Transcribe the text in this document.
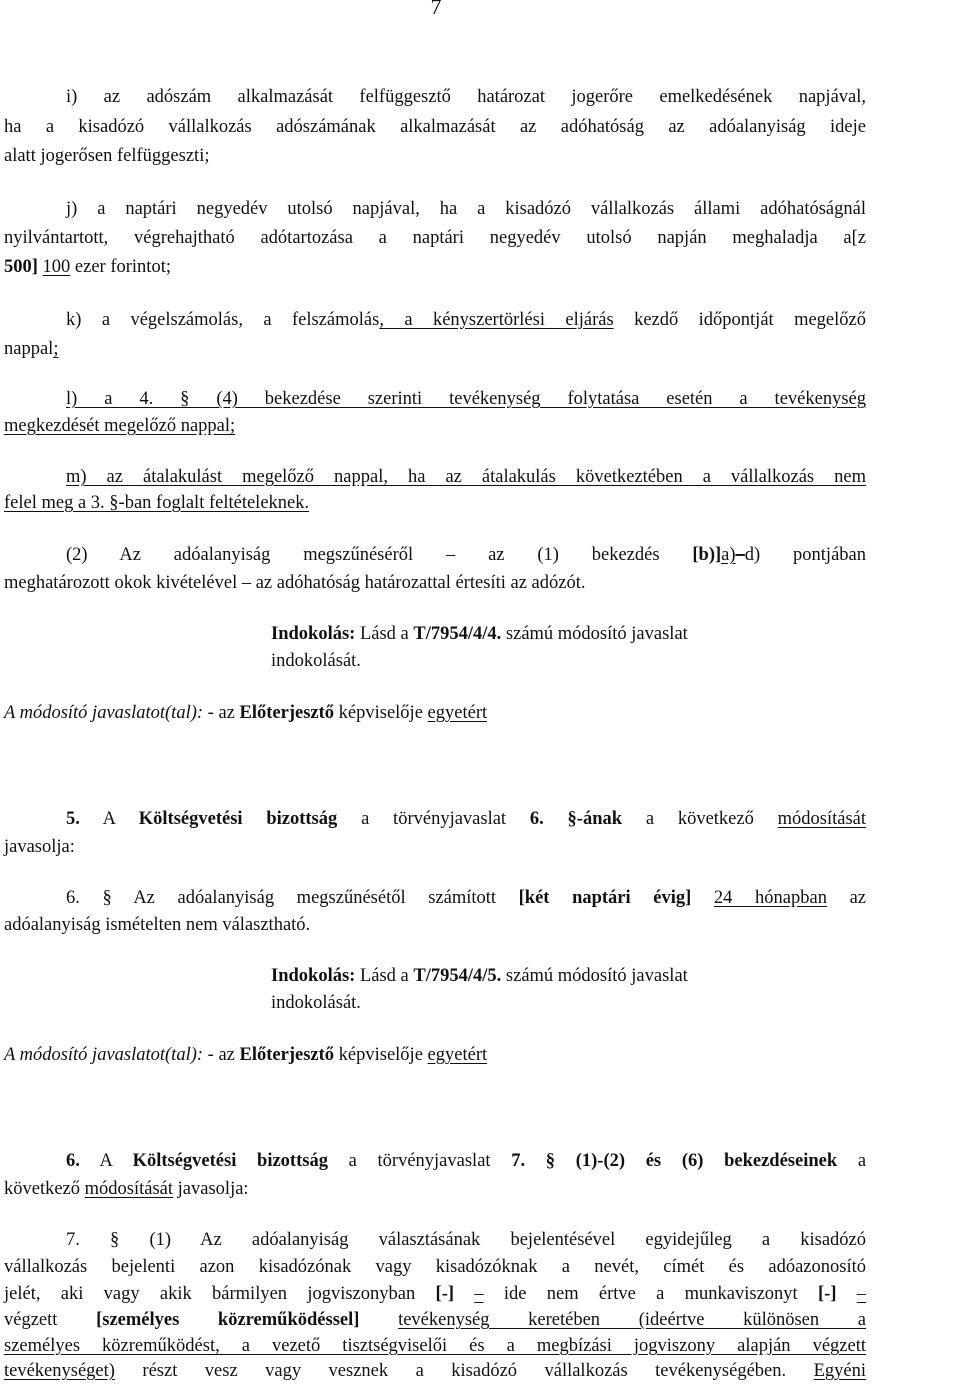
7

i) az adószám alkalmazását felfüggesztő határozat jogerőre emelkedésének napjával,

ha a kisadózó vállalkozás adószámának alkalmazását az adóhatóság az adóalanyiság ideje

alatt jogerősen felfüggeszti;

j) a naptári negyedév utolsó napjával, ha a kisadózó vállalkozás állami adóhatóságnál

nyilvántartott, végrehajtható adótartozása a naptári negyedév utolsó napján meghaladja a[z

500] 100 ezer forintot;

k) a végelszámolás, a felszámolás, a kényszertörlési eljárás kezdő időpontját megelőző

nappal;

l) a 4. § (4) bekezdése szerinti tevékenység folytatása esetén a tevékenység

megkezdését megelőző nappal;

m) az átalakulást megelőző nappal, ha az átalakulás következtében a vállalkozás nem

felel meg a 3. §-ban foglalt feltételeknek.

(2) Az adóalanyiság megszűnéséről – az (1) bekezdés [b)]a)–d) pontjában

meghatározott okok kivételével – az adóhatóság határozattal értesíti az adózót.

Indokolás: Lásd a T/7954/4/4. számú módosító javaslat
indokolását.
A módosító javaslatot(tal): - az Előterjesztő képviselője egyetért

5. A Költségvetési bizottság a törvényjavaslat 6. §-ának a következő módosítását

javasolja:

6. § Az adóalanyiság megszűnésétől számított [két naptári évig] 24 hónapban az

adóalanyiság ismételten nem választható.

Indokolás: Lásd a T/7954/4/5. számú módosító javaslat
indokolását.
A módosító javaslatot(tal): - az Előterjesztő képviselője egyetért

6. A Költségvetési bizottság a törvényjavaslat 7. § (1)-(2) és (6) bekezdéseinek a

következő módosítását javasolja:

7. § (1) Az adóalanyiság választásának bejelentésével egyidejűleg a kisadózó

vállalkozás bejelenti azon kisadózónak vagy kisadózóknak a nevét, címét és adóazonosító

jelét, aki vagy akik bármilyen jogviszonyban [-] – ide nem értve a munkaviszonyt [-] –

végzett [személyes közreműködéssel] tevékenység keretében (ideértve különösen a

személyes közreműködést, a vezető tisztségviselői és a megbízási jogviszony alapján végzett

tevékenységet) részt vesz vagy vesznek a kisadózó vállalkozás tevékenységében. Egyéni
